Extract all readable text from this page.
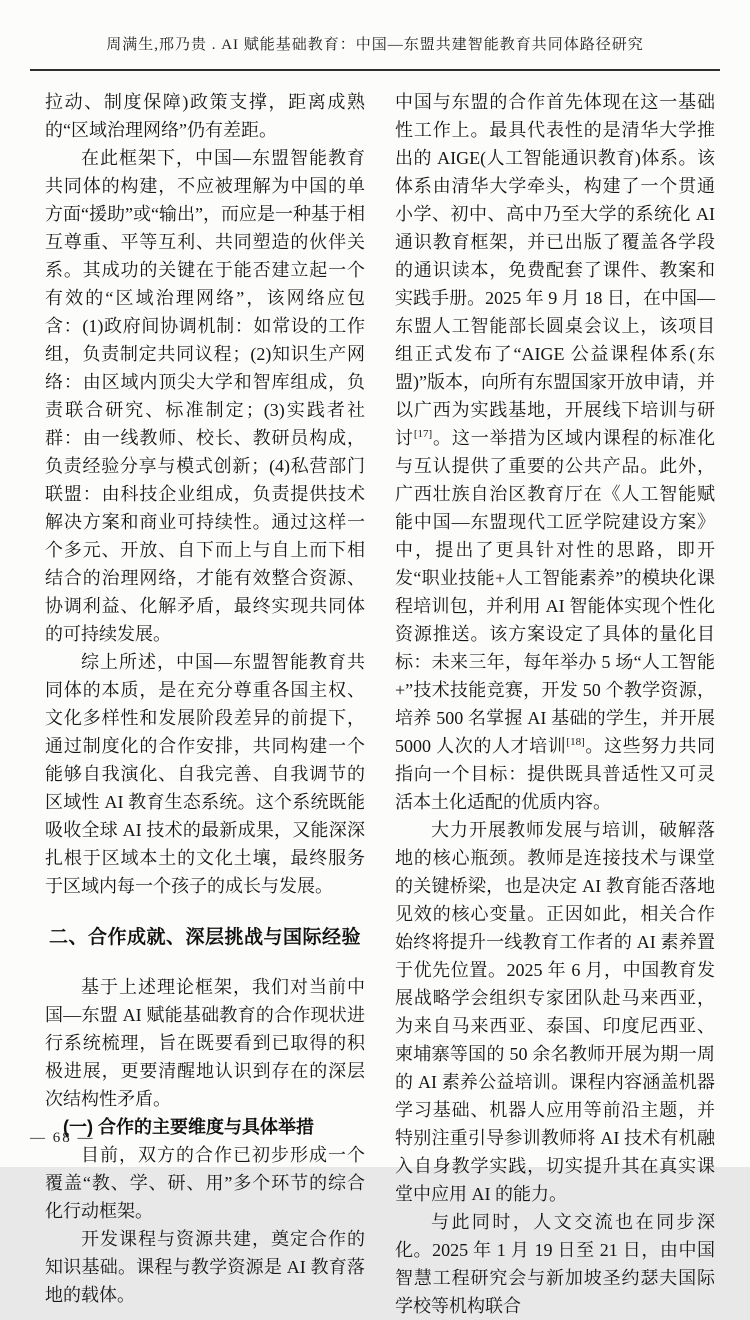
周满生,邢乃贵 . AI 赋能基础教育：中国—东盟共建智能教育共同体路径研究

拉动、制度保障)政策支撑，距离成熟的“区域治理网络”仍有差距。

在此框架下，中国—东盟智能教育共同体的构建，不应被理解为中国的单方面“援助”或“输出”，而应是一种基于相互尊重、平等互利、共同塑造的伙伴关系。其成功的关键在于能否建立起一个有效的“区域治理网络”，该网络应包含：(1)政府间协调机制：如常设的工作组，负责制定共同议程；(2)知识生产网络：由区域内顶尖大学和智库组成，负责联合研究、标准制定；(3)实践者社群：由一线教师、校长、教研员构成，负责经验分享与模式创新；(4)私营部门联盟：由科技企业组成，负责提供技术解决方案和商业可持续性。通过这样一个多元、开放、自下而上与自上而下相结合的治理网络，才能有效整合资源、协调利益、化解矛盾，最终实现共同体的可持续发展。

综上所述，中国—东盟智能教育共同体的本质，是在充分尊重各国主权、文化多样性和发展阶段差异的前提下，通过制度化的合作安排，共同构建一个能够自我演化、自我完善、自我调节的区域性 AI 教育生态系统。这个系统既能吸收全球 AI 技术的最新成果，又能深深扎根于区域本土的文化土壤，最终服务于区域内每一个孩子的成长与发展。

二、合作成就、深层挑战与国际经验

基于上述理论框架，我们对当前中国—东盟 AI 赋能基础教育的合作现状进行系统梳理，旨在既要看到已取得的积极进展，更要清醒地认识到存在的深层次结构性矛盾。

(一) 合作的主要维度与具体举措

目前，双方的合作已初步形成一个覆盖“教、学、研、用”多个环节的综合化行动框架。

开发课程与资源共建，奠定合作的知识基础。课程与教学资源是 AI 教育落地的载体。

中国与东盟的合作首先体现在这一基础性工作上。最具代表性的是清华大学推出的 AIGE(人工智能通识教育)体系。该体系由清华大学牵头，构建了一个贯通小学、初中、高中乃至大学的系统化 AI 通识教育框架，并已出版了覆盖各学段的通识读本，免费配套了课件、教案和实践手册。2025 年 9 月 18 日，在中国—东盟人工智能部长圆桌会议上，该项目组正式发布了“AIGE 公益课程体系(东盟)”版本，向所有东盟国家开放申请，并以广西为实践基地，开展线下培训与研讨[17]。这一举措为区域内课程的标准化与互认提供了重要的公共产品。此外，广西壮族自治区教育厅在《人工智能赋能中国—东盟现代工匠学院建设方案》中，提出了更具针对性的思路，即开发“职业技能+人工智能素养”的模块化课程培训包，并利用 AI 智能体实现个性化资源推送。该方案设定了具体的量化目标：未来三年，每年举办 5 场“人工智能+”技术技能竞赛，开发 50 个教学资源，培养 500 名掌握 AI 基础的学生，并开展 5000 人次的人才培训[18]。这些努力共同指向一个目标：提供既具普适性又可灵活本土化适配的优质内容。

大力开展教师发展与培训，破解落地的核心瓶颈。教师是连接技术与课堂的关键桥梁，也是决定 AI 教育能否落地见效的核心变量。正因如此，相关合作始终将提升一线教育工作者的 AI 素养置于优先位置。2025 年 6 月，中国教育发展战略学会组织专家团队赴马来西亚，为来自马来西亚、泰国、印度尼西亚、柬埔寨等国的 50 余名教师开展为期一周的 AI 素养公益培训。课程内容涵盖机器学习基础、机器人应用等前沿主题，并特别注重引导参训教师将 AI 技术有机融入自身教学实践，切实提升其在真实课堂中应用 AI 的能力。

与此同时，人文交流也在同步深化。2025 年 1 月 19 日至 21 日，由中国智慧工程研究会与新加坡圣约瑟夫国际学校等机构联合

— 68 —
